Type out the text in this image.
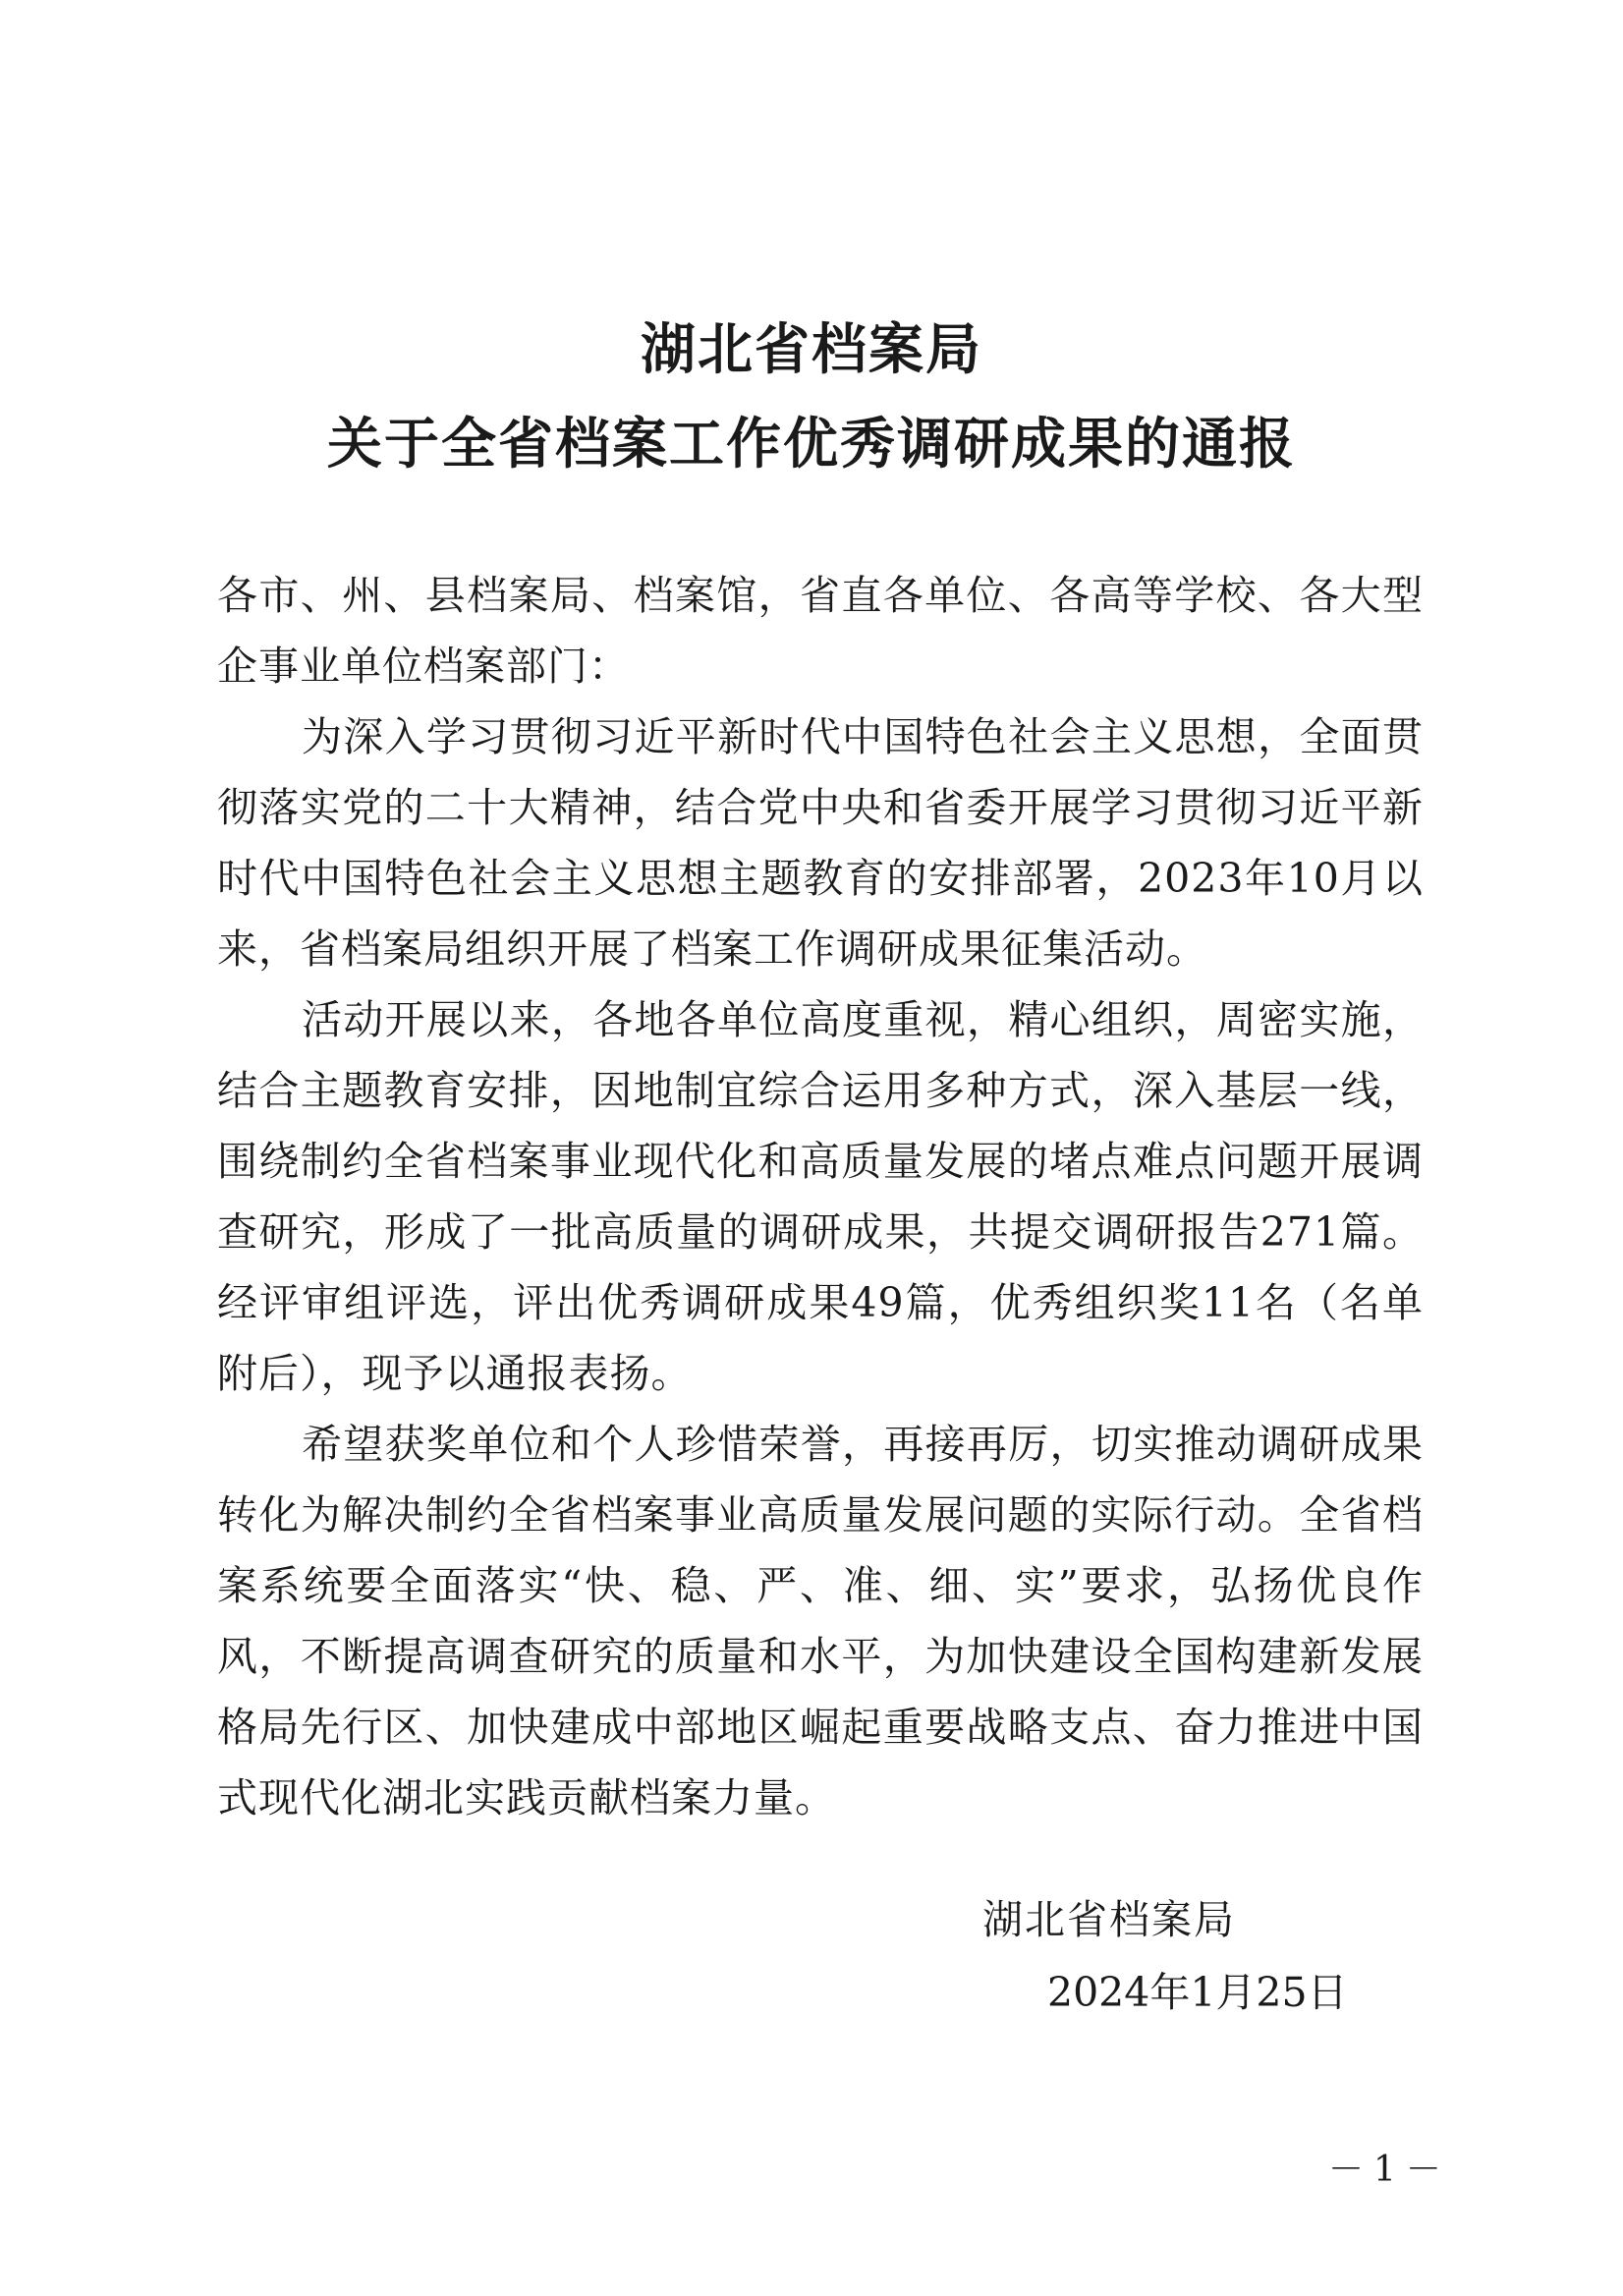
湖北省档案局
关于全省档案工作优秀调研成果的通报

各市、州、县档案局、档案馆，省直各单位、各高等学校、各大型企事业单位档案部门：

为深入学习贯彻习近平新时代中国特色社会主义思想，全面贯彻落实党的二十大精神，结合党中央和省委开展学习贯彻习近平新时代中国特色社会主义思想主题教育的安排部署，2023年10月以来，省档案局组织开展了档案工作调研成果征集活动。

活动开展以来，各地各单位高度重视，精心组织，周密实施，结合主题教育安排，因地制宜综合运用多种方式，深入基层一线，围绕制约全省档案事业现代化和高质量发展的堵点难点问题开展调查研究，形成了一批高质量的调研成果，共提交调研报告271篇。经评审组评选，评出优秀调研成果49篇，优秀组织奖11名（名单附后），现予以通报表扬。

希望获奖单位和个人珍惜荣誉，再接再厉，切实推动调研成果转化为解决制约全省档案事业高质量发展问题的实际行动。全省档案系统要全面落实“快、稳、严、准、细、实”要求，弘扬优良作风，不断提高调查研究的质量和水平，为加快建设全国构建新发展格局先行区、加快建成中部地区崛起重要战略支点、奋力推进中国式现代化湖北实践贡献档案力量。

湖北省档案局
2024年1月25日
－1－
